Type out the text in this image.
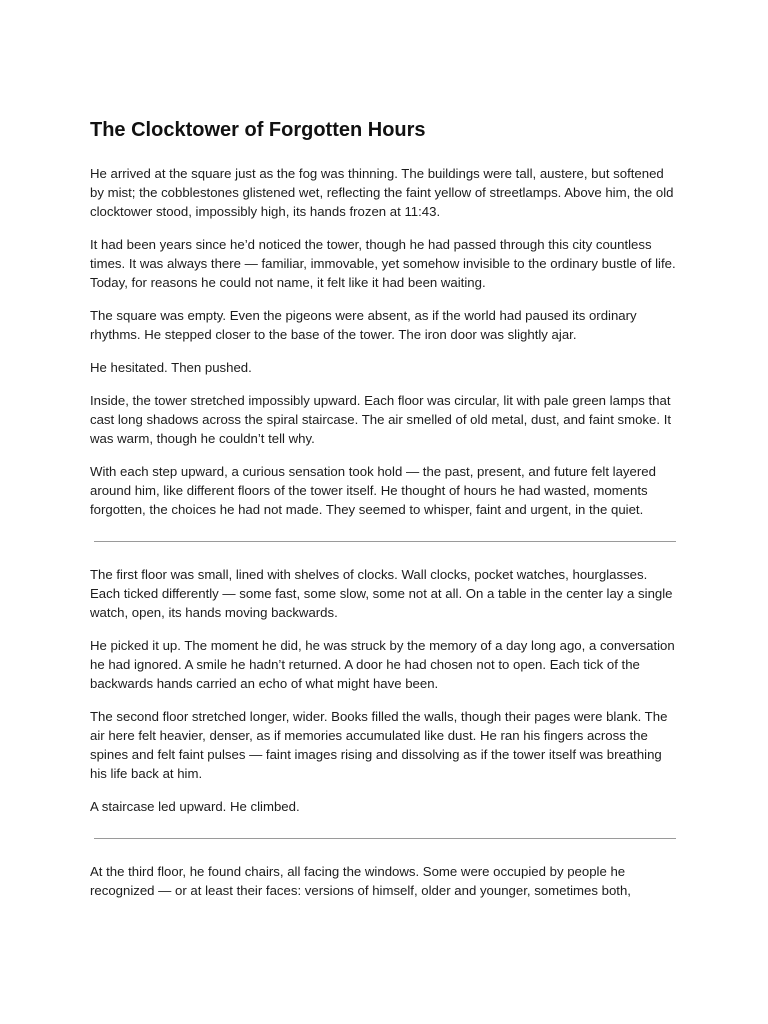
The Clocktower of Forgotten Hours

He arrived at the square just as the fog was thinning. The buildings were tall, austere, but softened by mist; the cobblestones glistened wet, reflecting the faint yellow of streetlamps. Above him, the old clocktower stood, impossibly high, its hands frozen at 11:43.

It had been years since he’d noticed the tower, though he had passed through this city countless times. It was always there — familiar, immovable, yet somehow invisible to the ordinary bustle of life. Today, for reasons he could not name, it felt like it had been waiting.

The square was empty. Even the pigeons were absent, as if the world had paused its ordinary rhythms. He stepped closer to the base of the tower. The iron door was slightly ajar.

He hesitated. Then pushed.

Inside, the tower stretched impossibly upward. Each floor was circular, lit with pale green lamps that cast long shadows across the spiral staircase. The air smelled of old metal, dust, and faint smoke. It was warm, though he couldn’t tell why.

With each step upward, a curious sensation took hold — the past, present, and future felt layered around him, like different floors of the tower itself. He thought of hours he had wasted, moments forgotten, the choices he had not made. They seemed to whisper, faint and urgent, in the quiet.

The first floor was small, lined with shelves of clocks. Wall clocks, pocket watches, hourglasses. Each ticked differently — some fast, some slow, some not at all. On a table in the center lay a single watch, open, its hands moving backwards.

He picked it up. The moment he did, he was struck by the memory of a day long ago, a conversation he had ignored. A smile he hadn’t returned. A door he had chosen not to open. Each tick of the backwards hands carried an echo of what might have been.

The second floor stretched longer, wider. Books filled the walls, though their pages were blank. The air here felt heavier, denser, as if memories accumulated like dust. He ran his fingers across the spines and felt faint pulses — faint images rising and dissolving as if the tower itself was breathing his life back at him.

A staircase led upward. He climbed.

At the third floor, he found chairs, all facing the windows. Some were occupied by people he recognized — or at least their faces: versions of himself, older and younger, sometimes both,
